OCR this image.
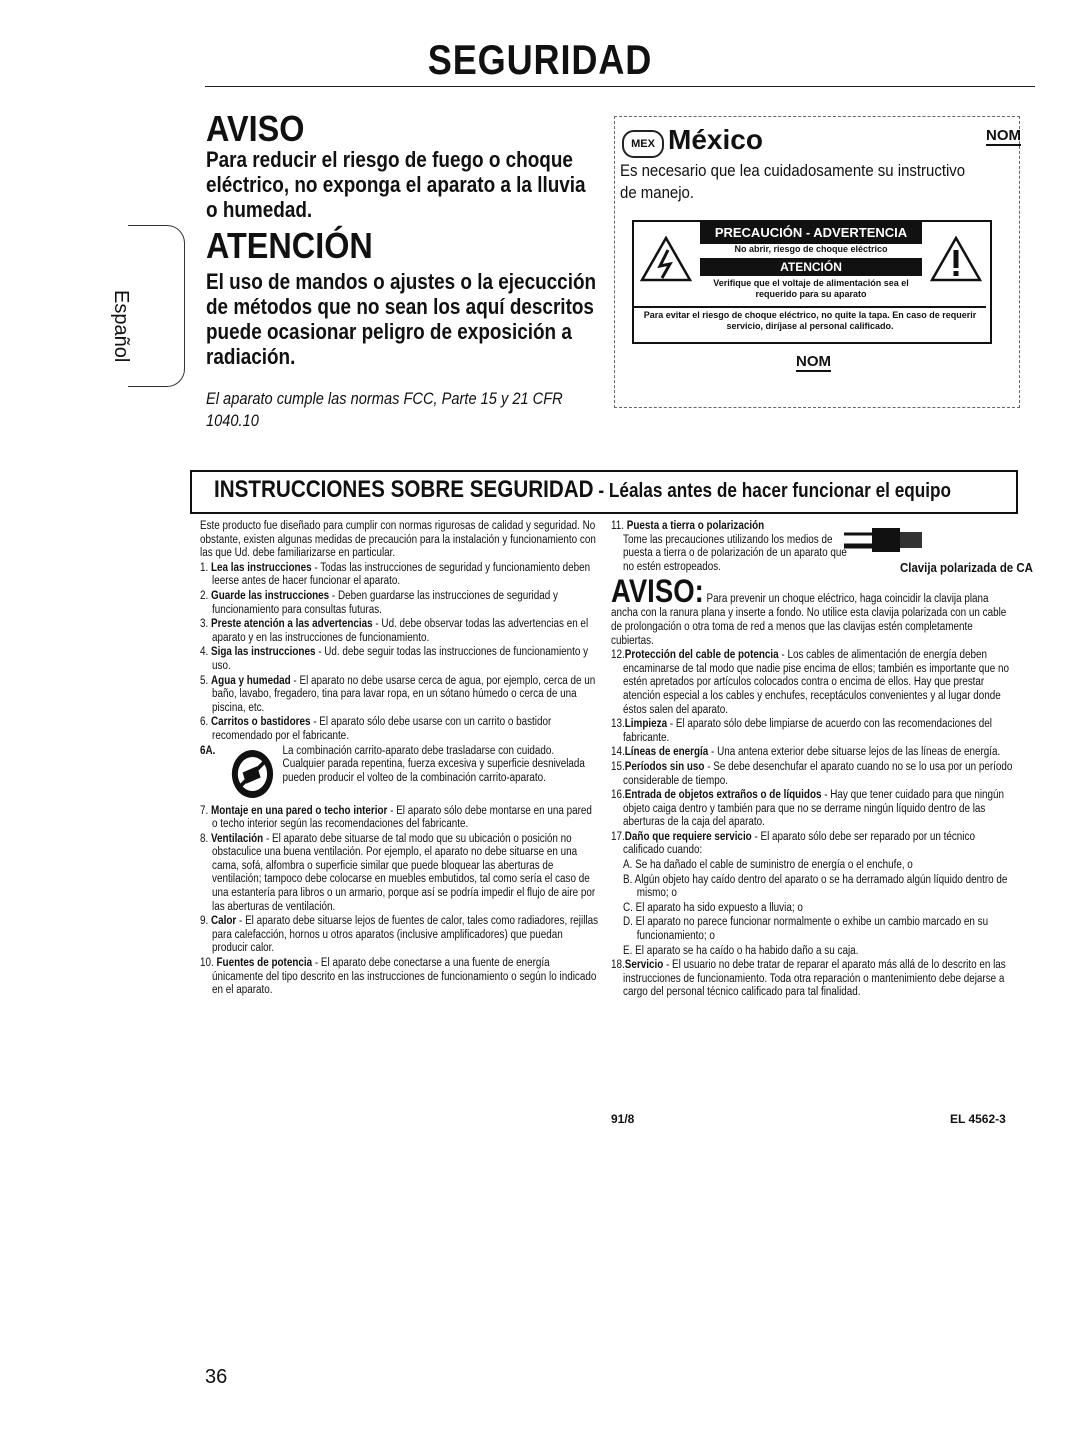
SEGURIDAD
AVISO
Para reducir el riesgo de fuego o choque eléctrico, no exponga el aparato a la lluvia o humedad.
ATENCIÓN
El uso de mandos o ajustes o la ejecucción de métodos que no sean los aquí descritos puede ocasionar peligro de exposición a radiación.
El aparato cumple las normas FCC, Parte 15 y 21 CFR 1040.10
Español
MEX México	NOM
Es necesario que lea cuidadosamente su instructivo de manejo.
PRECAUCIÓN - ADVERTENCIA
No abrir, riesgo de choque eléctrico
ATENCIÓN
Verifique que el voltaje de alimentación sea el requerido para su aparato
Para evitar el riesgo de choque eléctrico, no quite la tapa. En caso de requerir servicio, diríjase al personal calificado.
NOM
INSTRUCCIONES SOBRE SEGURIDAD - Léalas antes de hacer funcionar el equipo
Este producto fue diseñado para cumplir con normas rigurosas de calidad y seguridad. No obstante, existen algunas medidas de precaución para la instalación y funcionamiento con las que Ud. debe familiarizarse en particular.
1. Lea las instrucciones - Todas las instrucciones de seguridad y funcionamiento deben leerse antes de hacer funcionar el aparato.
2. Guarde las instrucciones - Deben guardarse las instrucciones de seguridad y funcionamiento para consultas futuras.
3. Preste atención a las advertencias - Ud. debe observar todas las advertencias en el aparato y en las instrucciones de funcionamiento.
4. Siga las instrucciones - Ud. debe seguir todas las instrucciones de funcionamiento y uso.
5. Agua y humedad - El aparato no debe usarse cerca de agua, por ejemplo, cerca de un baño, lavabo, fregadero, tina para lavar ropa, en un sótano húmedo o cerca de una piscina, etc.
6. Carritos o bastidores - El aparato sólo debe usarse con un carrito o bastidor recomendado por el fabricante.
6A.	La combinación carrito-aparato debe trasladarse con cuidado. Cualquier parada repentina, fuerza excesiva y superficie desnivelada pueden producir el volteo de la combinación carrito-aparato.
7. Montaje en una pared o techo interior - El aparato sólo debe montarse en una pared o techo interior según las recomendaciones del fabricante.
8. Ventilación - El aparato debe situarse de tal modo que su ubicación o posición no obstaculice una buena ventilación. Por ejemplo, el aparato no debe situarse en una cama, sofá, alfombra o superficie similar que puede bloquear las aberturas de ventilación; tampoco debe colocarse en muebles embutidos, tal como sería el caso de una estantería para libros o un armario, porque así se podría impedir el flujo de aire por las aberturas de ventilación.
9. Calor - El aparato debe situarse lejos de fuentes de calor, tales como radiadores, rejillas para calefacción, hornos u otros aparatos (inclusive amplificadores) que puedan producir calor.
10. Fuentes de potencia - El aparato debe conectarse a una fuente de energía únicamente del tipo descrito en las instrucciones de funcionamiento o según lo indicado en el aparato.
Clavija polarizada de CA
11. Puesta a tierra o polarización
Tome las precauciones utilizando los medios de puesta a tierra o de polarización de un aparato que no estén estropeados.
AVISO: Para prevenir un choque eléctrico, haga coincidir la clavija plana ancha con la ranura plana y inserte a fondo. No utilice esta clavija polarizada con un cable de prolongación o otra toma de red a menos que las clavijas estén completamente cubiertas.
12.Protección del cable de potencia - Los cables de alimentación de energía deben encaminarse de tal modo que nadie pise encima de ellos; también es importante que no estén apretados por artículos colocados contra o encima de ellos. Hay que prestar atención especial a los cables y enchufes, receptáculos convenientes y al lugar donde éstos salen del aparato.
13.Limpieza - El aparato sólo debe limpiarse de acuerdo con las recomendaciones del fabricante.
14.Líneas de energía - Una antena exterior debe situarse lejos de las líneas de energía.
15.Períodos sin uso - Se debe desenchufar el aparato cuando no se lo usa por un período considerable de tiempo.
16.Entrada de objetos extraños o de líquidos - Hay que tener cuidado para que ningún objeto caiga dentro y también para que no se derrame ningún líquido dentro de las aberturas de la caja del aparato.
17.Daño que requiere servicio - El aparato sólo debe ser reparado por un técnico calificado cuando:
A. Se ha dañado el cable de suministro de energía o el enchufe, o
B. Algún objeto hay caído dentro del aparato o se ha derramado algún líquido dentro de mismo; o
C. El aparato ha sido expuesto a lluvia; o
D. El aparato no parece funcionar normalmente o exhibe un cambio marcado en su funcionamiento; o
E. El aparato se ha caído o ha habido daño a su caja.
18.Servicio - El usuario no debe tratar de reparar el aparato más allá de lo descrito en las instrucciones de funcionamiento. Toda otra reparación o mantenimiento debe dejarse a cargo del personal técnico calificado para tal finalidad.
91/8	EL 4562-3
36
